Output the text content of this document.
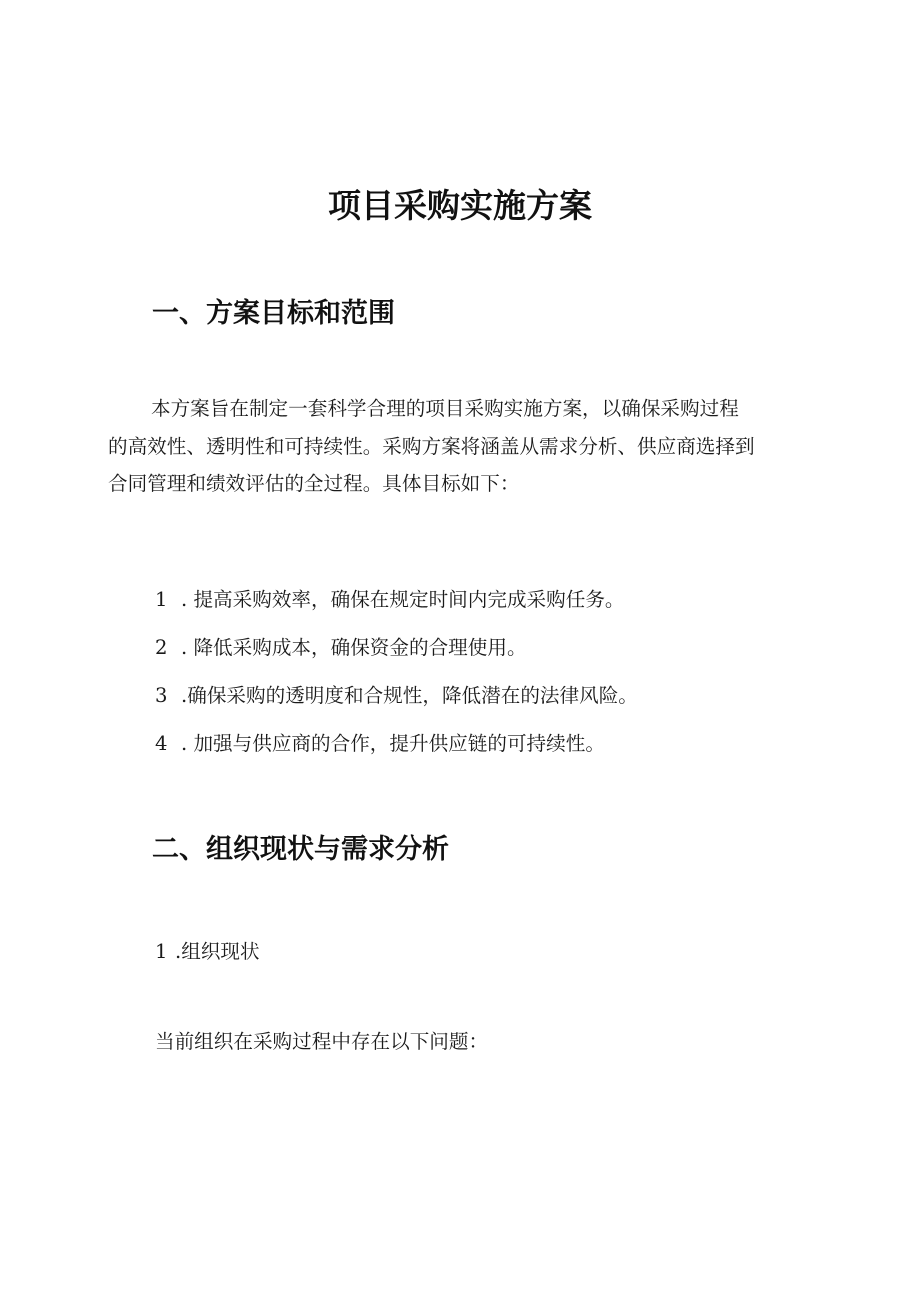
项目采购实施方案
一、方案目标和范围
本方案旨在制定一套科学合理的项目采购实施方案，以确保采购过程
的高效性、透明性和可持续性。采购方案将涵盖从需求分析、供应商选择到
合同管理和绩效评估的全过程。具体目标如下：
1 . 提高采购效率，确保在规定时间内完成采购任务。
2 . 降低采购成本，确保资金的合理使用。
3 .确保采购的透明度和合规性，降低潜在的法律风险。
4 . 加强与供应商的合作，提升供应链的可持续性。
二、组织现状与需求分析
1 .组织现状
当前组织在采购过程中存在以下问题：
